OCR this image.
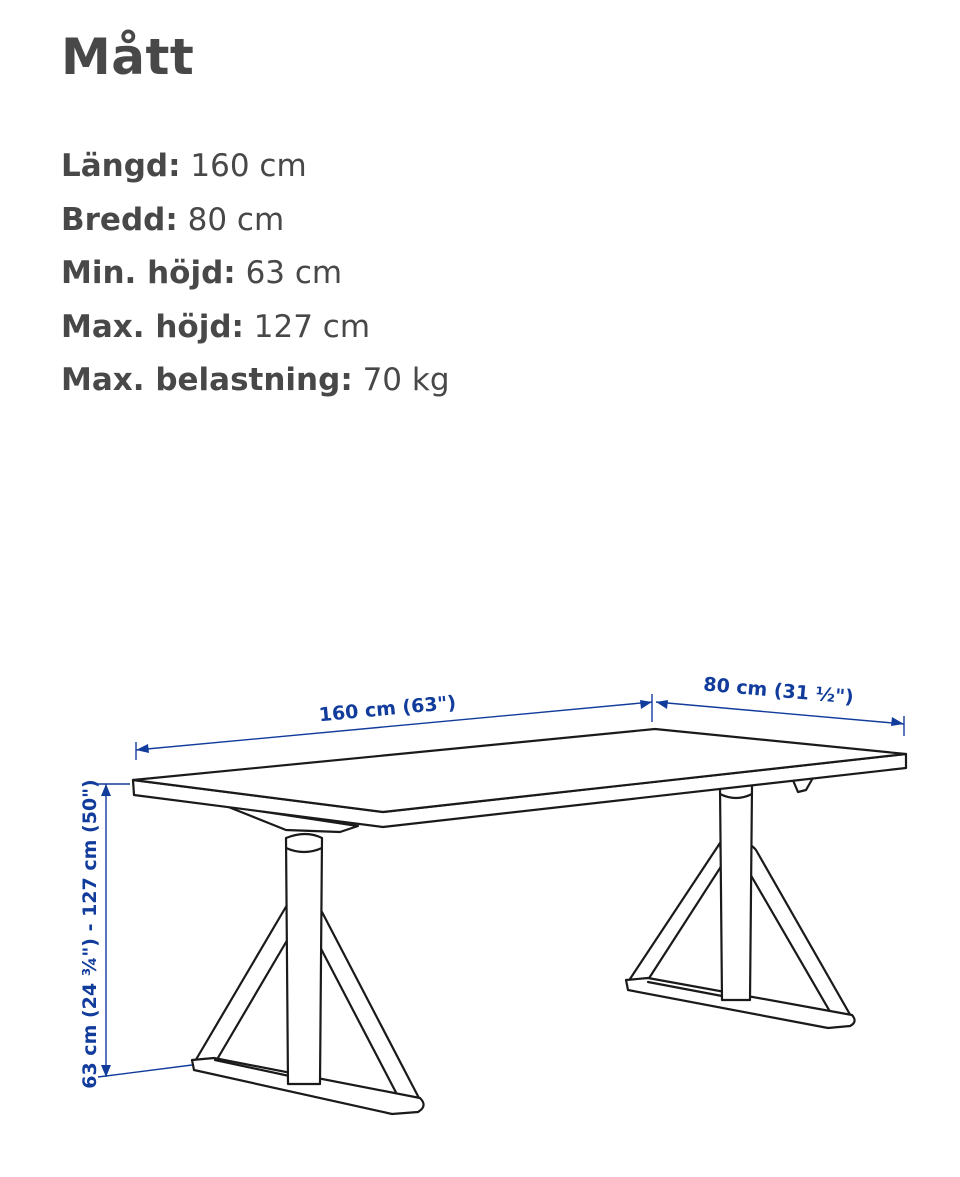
Mått
Längd: 160 cm
Bredd: 80 cm
Min. höjd: 63 cm
Max. höjd: 127 cm
Max. belastning: 70 kg
160 cm (63")
80 cm (31 ½")
63 cm (24 ¾") - 127 cm (50")
